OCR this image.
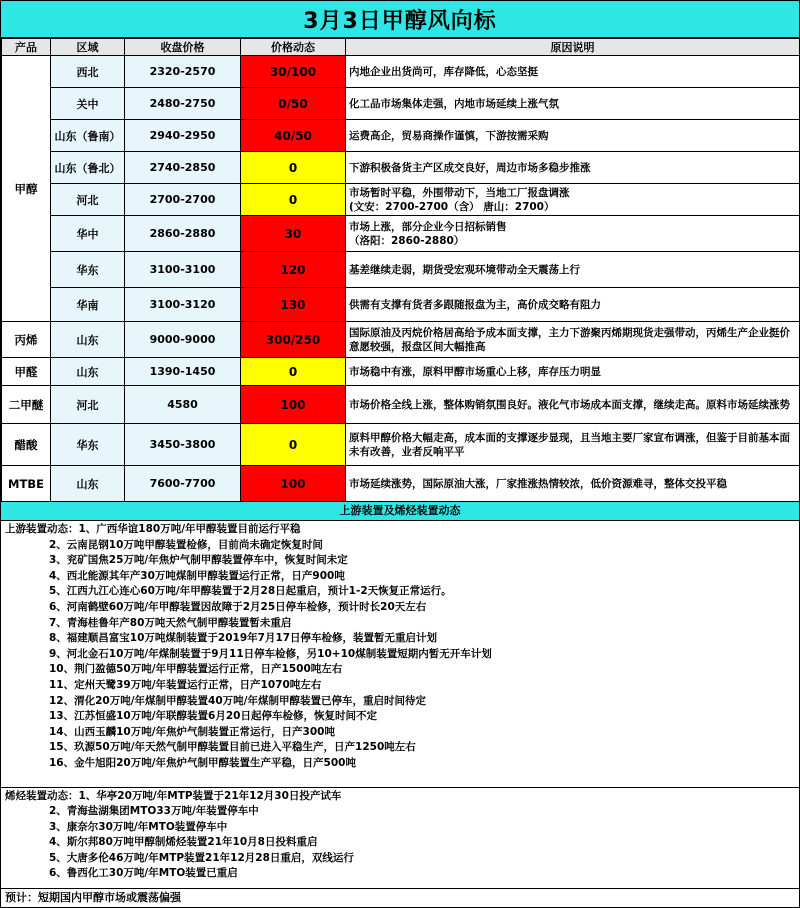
3月3日甲醇风向标
产品	区域	收盘价格	价格动态	原因说明
甲醇	西北	2320-2570	30/100	内地企业出货尚可，库存降低，心态坚挺

	关中	2480-2750	0/50	化工品市场集体走强，内地市场延续上涨气氛

	山东（鲁南）	2940-2950	40/50	运费高企，贸易商操作谨慎，下游按需采购

	山东（鲁北）	2740-2850	0	下游积极备货主产区成交良好，周边市场多稳步推涨

	河北	2700-2700	0	市场暂时平稳，外围带动下，当地工厂报盘调涨
(文安：2700-2700（含） 唐山：2700）

	华中	2860-2880	30	市场上涨，部分企业今日招标销售
（洛阳：2860-2880）

	华东	3100-3100	120	基差继续走弱，期货受宏观环境带动全天震荡上行

	华南	3100-3120	130	供需有支撑有货者多跟随报盘为主，高价成交略有阻力

丙烯	山东	9000-9000	300/250	国际原油及丙烷价格居高给予成本面支撑，主力下游聚丙烯期现货走强带动，丙烯生产企业挺价意愿较强，报盘区间大幅推高

甲醛	山东	1390-1450	0	市场稳中有涨，原料甲醇市场重心上移，库存压力明显

二甲醚	河北	4580	100	市场价格全线上涨，整体购销氛围良好。液化气市场成本面支撑，继续走高。原料市场延续涨势

醋酸	华东	3450-3800	0	原料甲醇价格大幅走高，成本面的支撑逐步显现，且当地主要厂家宣布调涨，但鉴于目前基本面未有改善，业者反响平平

MTBE	山东	7600-7700	100	市场延续涨势，国际原油大涨，厂家推涨热情较浓，低价资源难寻，整体交投平稳
上游装置及烯烃装置动态
上游装置动态：1、广西华谊180万吨/年甲醇装置目前运行平稳
2、云南昆钢10万吨甲醇装置检修，目前尚未确定恢复时间
3、兖矿国焦25万吨/年焦炉气制甲醇装置停车中，恢复时间未定
4、西北能源其年产30万吨煤制甲醇装置运行正常，日产900吨
5、江西九江心连心60万吨/年甲醇装置于2月28日起重启，预计1-2天恢复正常运行。
6、河南鹤壁60万吨/年甲醇装置因故障于2月25日停车检修，预计时长20天左右
7、青海桂鲁年产80万吨天然气制甲醇装置暂未重启
8、福建顺昌富宝10万吨煤制装置于2019年7月17日停车检修，装置暂无重启计划
9、河北金石10万吨/年煤制装置于9月11日停车检修，另10+10煤制装置短期内暂无开车计划
10、荆门盈德50万吨/年甲醇装置运行正常，日产1500吨左右
11、定州天鹭39万吨/年装置运行正常，日产1070吨左右
12、渭化20万吨/年煤制甲醇装置40万吨/年煤制甲醇装置已停车，重启时间待定
13、江苏恒盛10万吨/年联醇装置6月20日起停车检修，恢复时间不定
14、山西玉麟10万吨/年焦炉气制装置正常运行，日产300吨
15、玖源50万吨/年天然气制甲醇装置目前已进入平稳生产，日产1250吨左右
16、金牛旭阳20万吨/年焦炉气制甲醇装置生产平稳，日产500吨
烯烃装置动态：1、华亭20万吨/年MTP装置于21年12月30日投产试车
2、青海盐湖集团MTO33万吨/年装置停车中
3、康奈尔30万吨/年MTO装置停车中
4、斯尔邦80万吨甲醇制烯烃装置21年10月8日投料重启
5、大唐多伦46万吨/年MTP装置21年12月28日重启，双线运行
6、鲁西化工30万吨/年MTO装置已重启
预计：短期国内甲醇市场或震荡偏强
